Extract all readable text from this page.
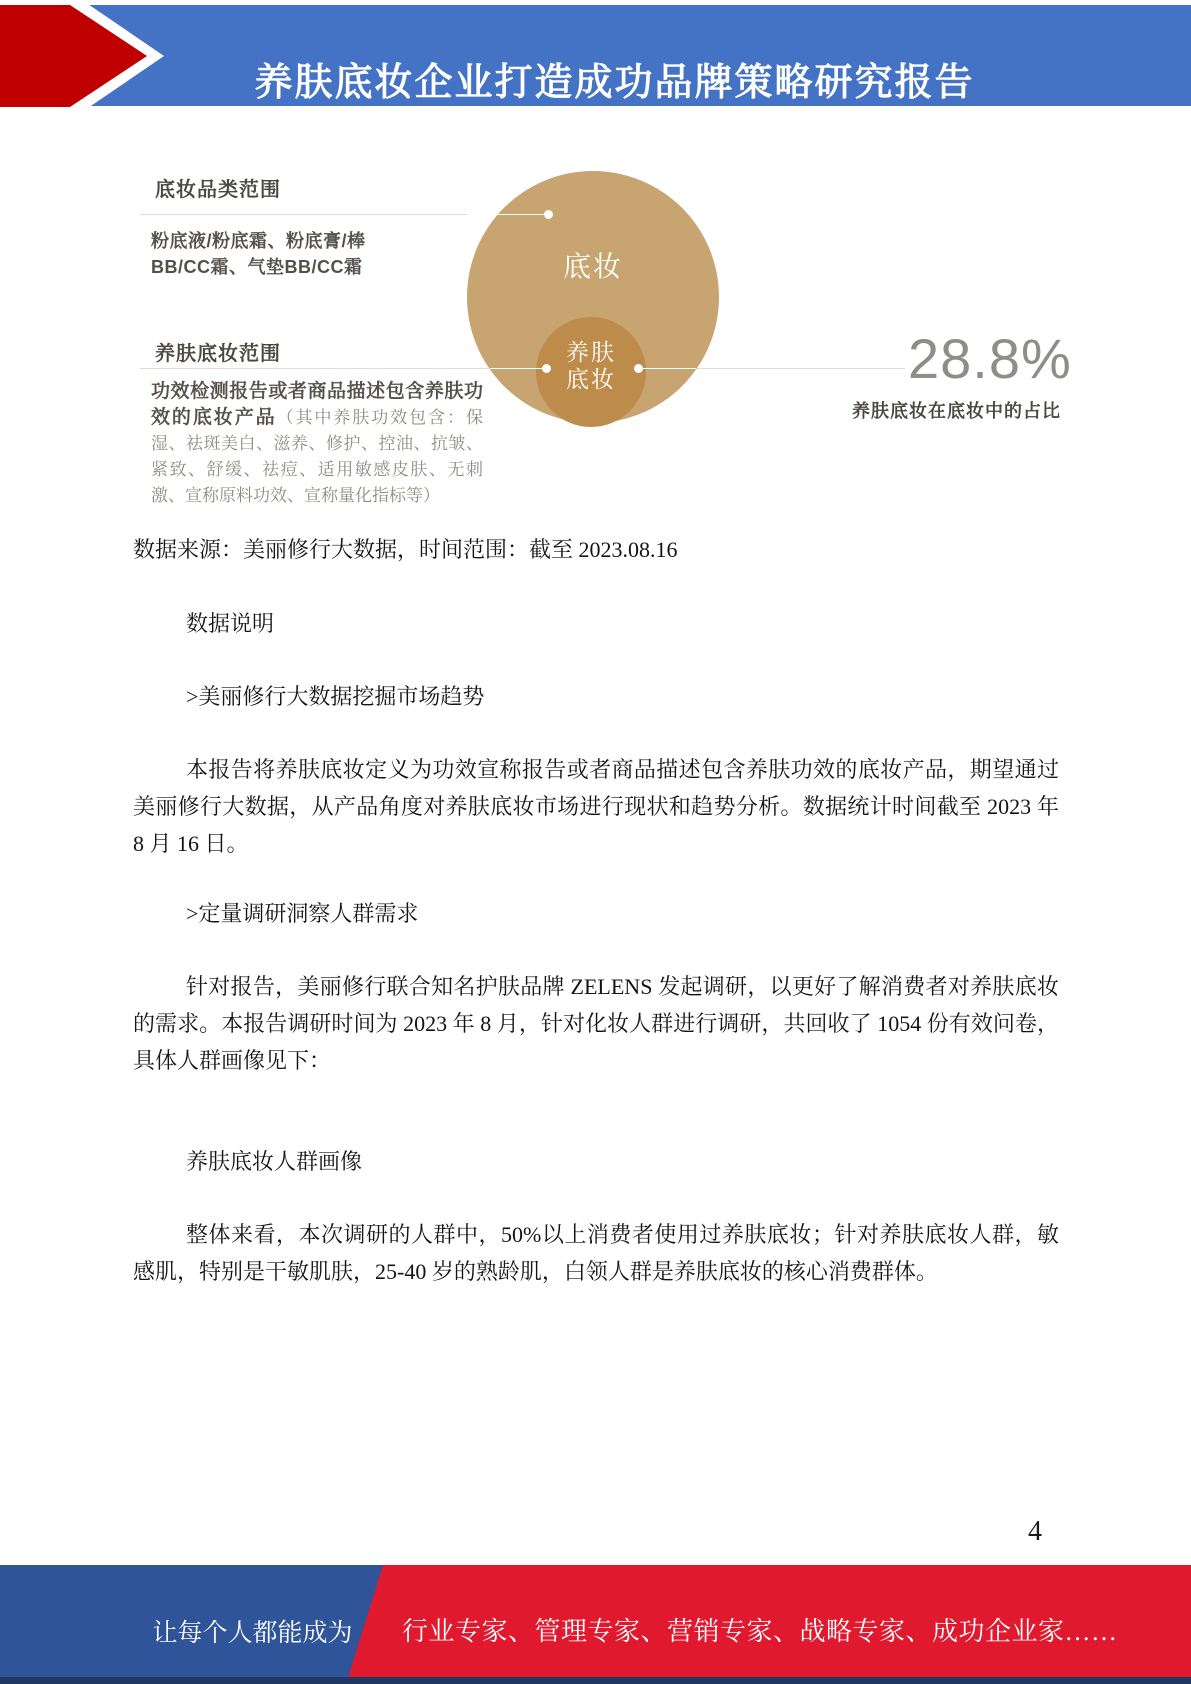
养肤底妆企业打造成功品牌策略研究报告
底妆品类范围
粉底液/粉底霜、粉底膏/棒
BB/CC霜、气垫BB/CC霜
养肤底妆范围

功效检测报告或者商品描述包含养肤功效的底妆产品（其中养肤功效包含：保湿、祛斑美白、滋养、修护、控油、抗皱、紧致、舒缓、祛痘、适用敏感皮肤、无刺激、宣称原料功效、宣称量化指标等）

底妆
养肤
底妆	28.8%
养肤底妆在底妆中的占比
数据来源：美丽修行大数据，时间范围：截至 2023.08.16
数据说明
>美丽修行大数据挖掘市场趋势
本报告将养肤底妆定义为功效宣称报告或者商品描述包含养肤功效的底妆产品，期望通过美丽修行大数据，从产品角度对养肤底妆市场进行现状和趋势分析。数据统计时间截至 2023 年 8 月 16 日。
>定量调研洞察人群需求
针对报告，美丽修行联合知名护肤品牌 ZELENS 发起调研，以更好了解消费者对养肤底妆的需求。本报告调研时间为 2023 年 8 月，针对化妆人群进行调研，共回收了 1054 份有效问卷，具体人群画像见下：
养肤底妆人群画像
整体来看，本次调研的人群中，50%以上消费者使用过养肤底妆；针对养肤底妆人群，敏感肌，特别是干敏肌肤，25-40 岁的熟龄肌，白领人群是养肤底妆的核心消费群体。
4
让每个人都能成为 行业专家、管理专家、营销专家、战略专家、成功企业家……
